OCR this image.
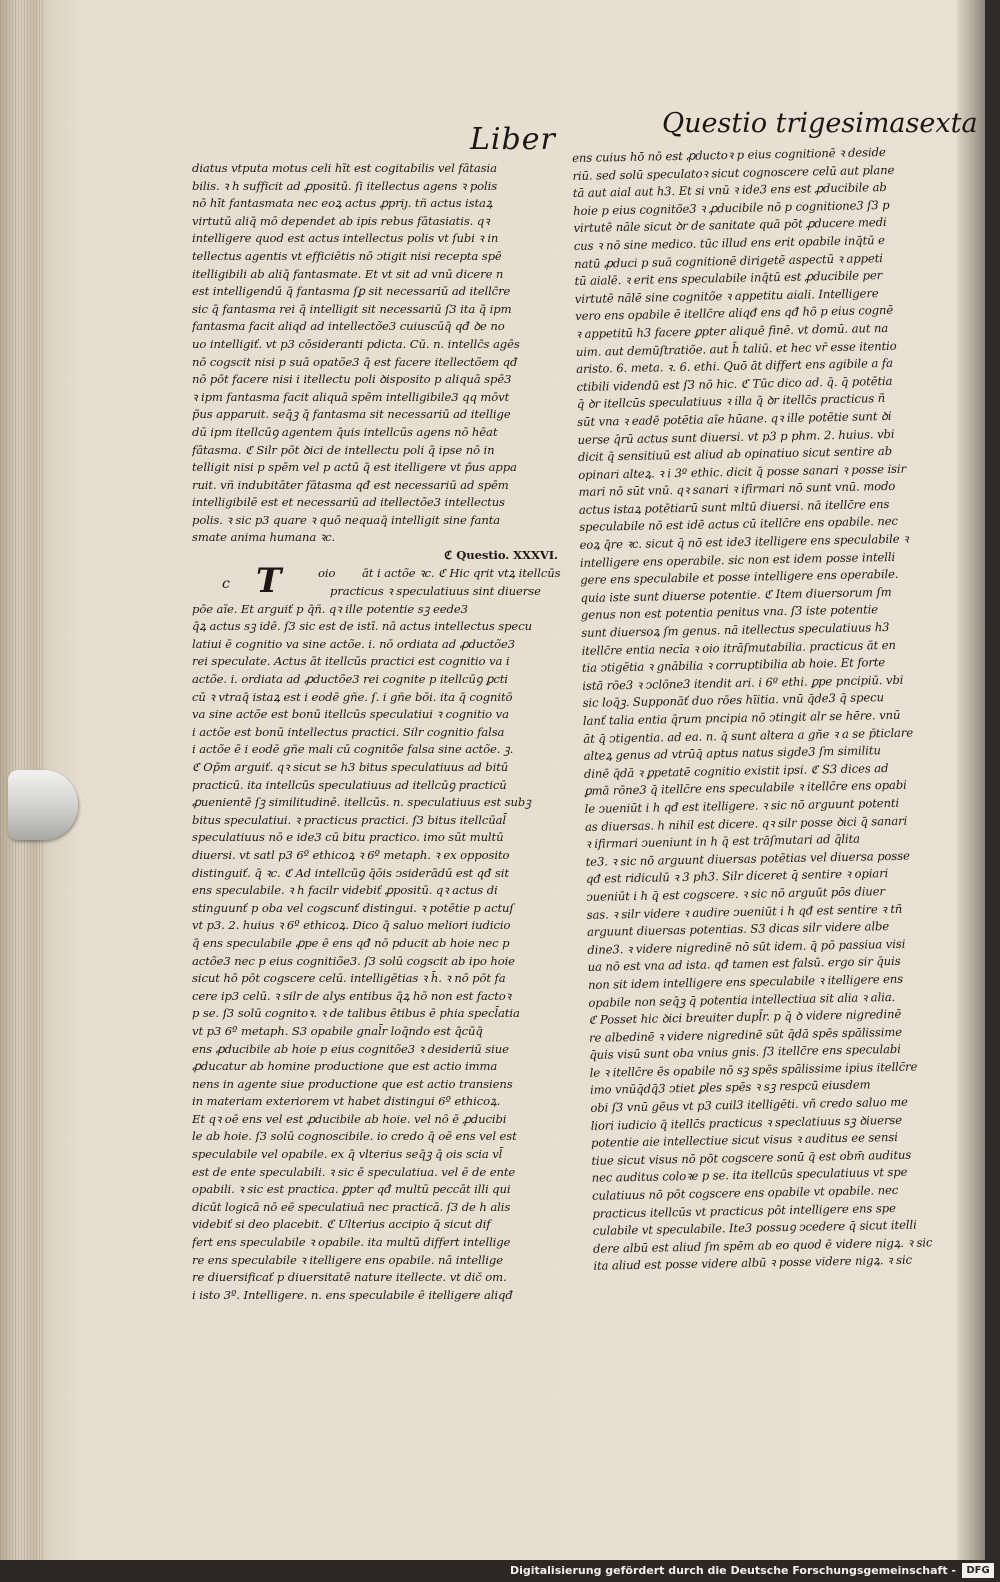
Liber	Questio trigesimasexta
c
diatus vtputa motus celi hīt est cogitabilis vel fātasia
bilis. ꝛ h sufficit ad ꝓpositū. ſi itellectus agens ꝛ polis
nō hīt fantasmata nec eoꝝ actus ꝓpriȷ. tñ actus istaꝝ
virtutū aliq̄ mō dependet ab ipis rebus fātasiatis. qꝛ
intelligere quod est actus intellectus polis vt ſubi ꝛ in
tellectus agentis vt efficiētis nō ↄtigit nisi recepta spē
itelligibili ab aliq̄ fantasmate. Et vt sit ad vnū dicere n
est intelligendū q̄ fantasma ſꝑ sit necessariū ad itellc̄re
sic q̄ fantasma rei q̄ intelligit sit necessariū ſ3 ita q̄ ipm
fantasma facit aliqd ad intellectõe3 cuiuscūq̄ qđ ꝺe no
uo intelligiť. vt p3 cōsideranti pdicta. Cū. n. intellc̄s agēs
nō cogscit nisi p suā opatõe3 q̄ est facere itellectõem qđ
nō pōt facere nisi i itellectu poli ꝺisposito p aliquā spē3
ꝛ ipm fantasma facit aliquā spēm intelligibile3 qq mōvt
p̄us apparuit. seq̄ꝫ q̄ fantasma sit necessariū ad itellige
dū ipm itellcūꝯ agentem q̄uis intellcūs agens nō hēat
fātasma. ℭ Silr pōt ꝺici de intellectu poli q̄ ipse nō in
telligit nisi p spēm vel p actū q̄ est itelligere vt p̄us appa
ruit. vñ indubitāter fātasma qđ est necessariū ad spēm
intelligibilē est et necessariū ad itellectõe3 intellectus
polis. ꝛ sic p3 quare ꝛ quō nequaq̄ intelligit sine fanta
smate anima humana ꝛc.
ℭ Questio. XXXVI.
T	oio āt i actõe ꝛc. ℭ Hic qrit vtꝝ itellcūs
practicus ꝛ speculatiuus sint diuerse
pōe aīe. Et arguiť p q̄ñ. qꝛ ille potentie sꝫ eede3
q̄ꝝ actus sꝫ idē. ſ3 sic est de istī. nā actus intellectus specu
latiui ē cognitio va sine actõe. i. nō ordiata ad ꝓductõe3
rei speculate. Actus āt itellcūs practici est cognitio va i
actõe. i. ordiata ad ꝓductõe3 rei cognite p itellcūꝯ ꝑcti
cū ꝛ vtraq̄ istaꝝ est i eodē gñe. ſ. i gñe bōi. ita q̄ cognitō
va sine actõe est bonū itellcūs speculatiui ꝛ cognitio va
i actõe est bonū intellectus practici. Silr cognitio falsa
i actõe ē i eodē gñe mali cū cognitõe falsa sine actõe. ꝫ.
ℭ Op̄m arguiť. qꝛ sicut se h3 bitus speculatiuus ad bitū
practicū. ita intellcūs speculatiuus ad itellcūꝯ practicū
ꝓuenientē ſꝫ similitudinē. itellcūs. n. speculatiuus est subꝫ
bitus speculatiui. ꝛ practicus practici. ſ3 bitus itellcūal̄
speculatiuus nō e ide3 cū bitu practico. imo sūt multū
diuersi. vt satl p3 6º ethicoꝝ ꝛ 6º metaph. ꝛ ex opposito
distinguiť. q̄ ꝛc. ℭ Ad intellcūꝯ q̄ōis ↄsiderādū est qđ sit
ens speculabile. ꝛ h facilr videbiť ꝓpositū. qꝛ actus di
stinguunť p oba vel cogscunť distingui. ꝛ potētie p actuſ
vt p3. 2. huius ꝛ 6º ethicoꝝ. Dico q̄ saluo meliori iudicio
q̄ ens speculabile ꝓpe ē ens qđ nō pducit ab hoie nec p
actõe3 nec p eius cognitiõe3. ſ3 solū cogscit ab ipo hoie
sicut hō pōt cogscere celū. intelligētias ꝛ h̄. ꝛ nō pōt fa
cere ip3 celū. ꝛ silr de alys entibus q̄ꝝ hō non est factoꝛ
p se. ſ3 solū cognitoꝛ. ꝛ de talibus ētibus ē phia specl̄atia
vt p3 6º metaph. S3 opabile gnal̄r loq̄ndo est q̄cūq̄
ens ꝓducibile ab hoie p eius cognitõe3 ꝛ desideriū siue
ꝓducatur ab homine productione que est actio imma
nens in agente siue productione que est actio transiens
in materiam exteriorem vt habet distingui 6º ethicoꝝ.
Et qꝛ oē ens vel est ꝓducibile ab hoie. vel nō ē ꝓducibi
le ab hoie. ſ3 solū cognoscibile. io credo q̄ oē ens vel est
speculabile vel opabile. ex q̄ vlterius seq̄ꝫ q̄ ois scia vl̄
est de ente speculabili. ꝛ sic ē speculatiua. vel ē de ente
opabili. ꝛ sic est practica. ꝑpter qđ multū peccāt illi qui
dicūt logicā nō eē speculatiuā nec practicā. ſ3 de h alis
videbiť si deo placebit. ℭ Ulterius accipio q̄ sicut dif
fert ens speculabile ꝛ opabile. ita multū differt intellige
re ens speculabile ꝛ itelligere ens opabile. nā intellige
re diuersificať p diuersitatē nature itellecte. vt dič om.
i isto 3º. Intelligere. n. ens speculabile ē itelligere aliqđ
ens cuius hō nō est ꝓductoꝛ p eius cognitionē ꝛ deside
riū. sed solū speculatoꝛ sicut cognoscere celū aut plane
tā aut aial aut h3. Et si vnū ꝛ ide3 ens est ꝓducibile ab
hoie p eius cognitõe3 ꝛ ꝓducibile nō p cognitione3 ſ3 p
virtutē nāle sicut ꝺr de sanitate quā pōt ꝓducere medi
cus ꝛ nō sine medico. tūc illud ens erit opabile inq̄tū e
natū ꝓduci p suā cognitionē dirigetē aspectū ꝛ appeti
tū aialē. ꝛ erit ens speculabile inq̄tū est ꝓducibile per
virtutē nālē sine cognitõe ꝛ appetitu aiali. Intelligere
vero ens opabile ē itellc̄re aliqđ ens qđ hō p eius cognē
ꝛ appetitū h3 facere ꝑpter aliquē finē. vt domū. aut na
uim. aut demūſtratiõe. aut h̄ taliū. et hec vr̄ esse itentio
aristo. 6. meta. ꝛ. 6. ethi. Quō āt differt ens agibile a fa
ctibili videndū est ſ3 nō hic. ℭ Tūc dico ad. q̄. q̄ potētia
q̄ ꝺr itellcūs speculatiuus ꝛ illa q̄ ꝺr itellc̄s practicus ñ
sūt vna ꝛ eadē potētia aīe hūane. qꝛ ille potētie sunt ꝺi
uerse q̄rū actus sunt diuersi. vt p3 p phm. 2. huius. vbi
dicit q̄ sensitiuū est aliud ab opinatiuo sicut sentire ab
opinari alteꝝ. ꝛ i 3º ethic. dicit q̄ posse sanari ꝛ posse isir
mari nō sūt vnū. qꝛ sanari ꝛ ifirmari nō sunt vnū. modo
actus istaꝝ potētiarū sunt mltū diuersi. nā itellc̄re ens
speculabile nō est idē actus cū itellc̄re ens opabile. nec
eoꝝ q̄re ꝛc. sicut q̄ nō est ide3 itelligere ens speculabile ꝛ
intelligere ens operabile. sic non est idem posse intelli
gere ens speculabile et posse intelligere ens operabile.
quia iste sunt diuerse potentie. ℭ Item diuersorum ſm
genus non est potentia penitus vna. ſ3 iste potentie
sunt diuersoꝝ ſm genus. nā itellectus speculatiuus h3
itellc̄re entia necīa ꝛ oio itrāſmutabilia. practicus āt en
tia ↄtigētia ꝛ gnābilia ꝛ corruptibilia ab hoie. Et forte
istā rōe3 ꝛ ↄclōne3 itendit ari. i 6º ethi. ꝑpe pncipiū. vbi
sic loq̄ꝫ. Supponāť duo rōes hīitia. vnū q̄de3 q̄ specu
lanť talia entia q̄rum pncipia nō ↄtingit alr se hēre. vnū
āt q̄ ↄtigentia. ad ea. n. q̄ sunt altera a gñe ꝛ a se p̄ticlare
alteꝝ genus ad vtrūq̄ aptus natus sigde3 ſm similitu
dinē q̄dā ꝛ ꝑpetatē cognitio existit ipsi. ℭ S3 dices ad
ꝑmā rōne3 q̄ itellc̄re ens speculabile ꝛ itellc̄re ens opabi
le ↄueniūt i h qđ est itelligere. ꝛ sic nō arguunt potenti
as diuersas. h nihil est dicere. qꝛ silr posse ꝺici q̄ sanari
ꝛ ifirmari ↄueniunt in h q̄ est trāſmutari ad q̄lita
te3. ꝛ sic nō arguunt diuersas potētias vel diuersa posse
qđ est ridiculū ꝛ 3 ph3. Silr diceret q̄ sentire ꝛ opiari
ↄueniūt i h q̄ est cogscere. ꝛ sic nō arguūt pōs diuer
sas. ꝛ silr videre ꝛ audire ↄueniūt i h qđ est sentire ꝛ tñ
arguunt diuersas potentias. S3 dicas silr videre albe
dine3. ꝛ videre nigredinē nō sūt idem. q̄ pō passiua visi
ua nō est vna ad ista. qđ tamen est falsū. ergo sir q̄uis
non sit idem intelligere ens speculabile ꝛ itelligere ens
opabile non seq̄ꝫ q̄ potentia intellectiua sit alia ꝛ alia.
ℭ Posset hic ꝺici breuiter dupl̄r. p q̄ ꝺ videre nigredinē
re albedinē ꝛ videre nigredinē sūt q̄dā spēs spālissime
q̄uis visū sunt oba vnius gnis. ſ3 itellc̄re ens speculabi
le ꝛ itellc̄re ēs opabile nō sꝫ spēs spālissime ipius itellc̄re
imo vnūq̄dq̄3 ↄtiet ꝑles spēs ꝛ sꝫ respcū eiusdem
obi ſ3 vnū gēus vt p3 cuil3 itelligēti. vñ credo saluo me
liori iudicio q̄ itellc̄s practicus ꝛ speclatiuus sꝫ ꝺiuerse
potentie aie intellectiue sicut visus ꝛ auditus ee sensi
tiue sicut visus nō pōt cogscere sonū q̄ est obm̄ auditus
nec auditus coloꝛe p se. ita itellcūs speculatiuus vt spe
culatiuus nō pōt cogscere ens opabile vt opabile. nec
practicus itellcūs vt practicus pōt intelligere ens spe
culabile vt speculabile. Ite3 possuꝯ ↄcedere q̄ sicut itelli
dere albū est aliud ſm spēm ab eo quod ē videre nigꝝ. ꝛ sic
ita aliud est posse videre albū ꝛ posse videre nigꝝ. ꝛ sic
Digitalisierung gefördert durch die Deutsche Forschungsgemeinschaft -	DFG
